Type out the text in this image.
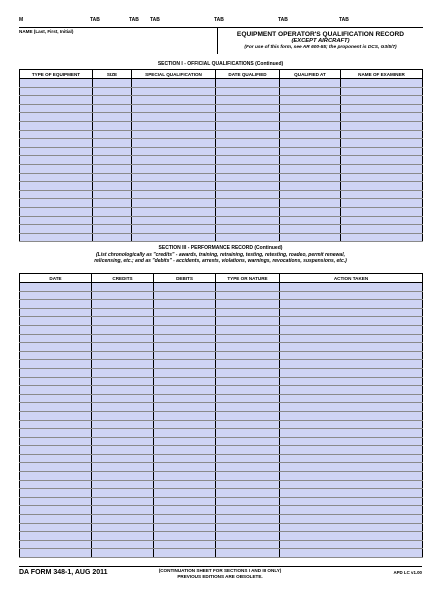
M	TAB	TAB TAB	TAB	TAB	TAB
NAME (Last, First, Initial)	EQUIPMENT OPERATOR'S QUALIFICATION RECORD
(EXCEPT AIRCRAFT)
(For use of this form, see AR 600-55; the proponent is DCS, G3/5/7)
SECTION I - OFFICIAL QUALIFICATIONS (Continued)
TYPE OF EQUIPMENT	SIZE	SPECIAL QUALIFICATION	DATE QUALIFIED	QUALIFIED AT	NAME OF EXAMINER

SECTION III - PERFORMANCE RECORD (Continued)
(List chronologically as "credits" - awards, training, retraining, testing, retesting, roadeo, permit renewal,
relicensing, etc.; and as "debits" - accidents, arrests, violations, warnings, revocations, suspensions, etc.)
DATE	CREDITS	DEBITS	TYPE OR NATURE	ACTION TAKEN

DA FORM 348-1, AUG 2011	(CONTINUATION SHEET FOR SECTIONS I AND III ONLY)
PREVIOUS EDITIONS ARE OBSOLETE.
APD LC v1.00
